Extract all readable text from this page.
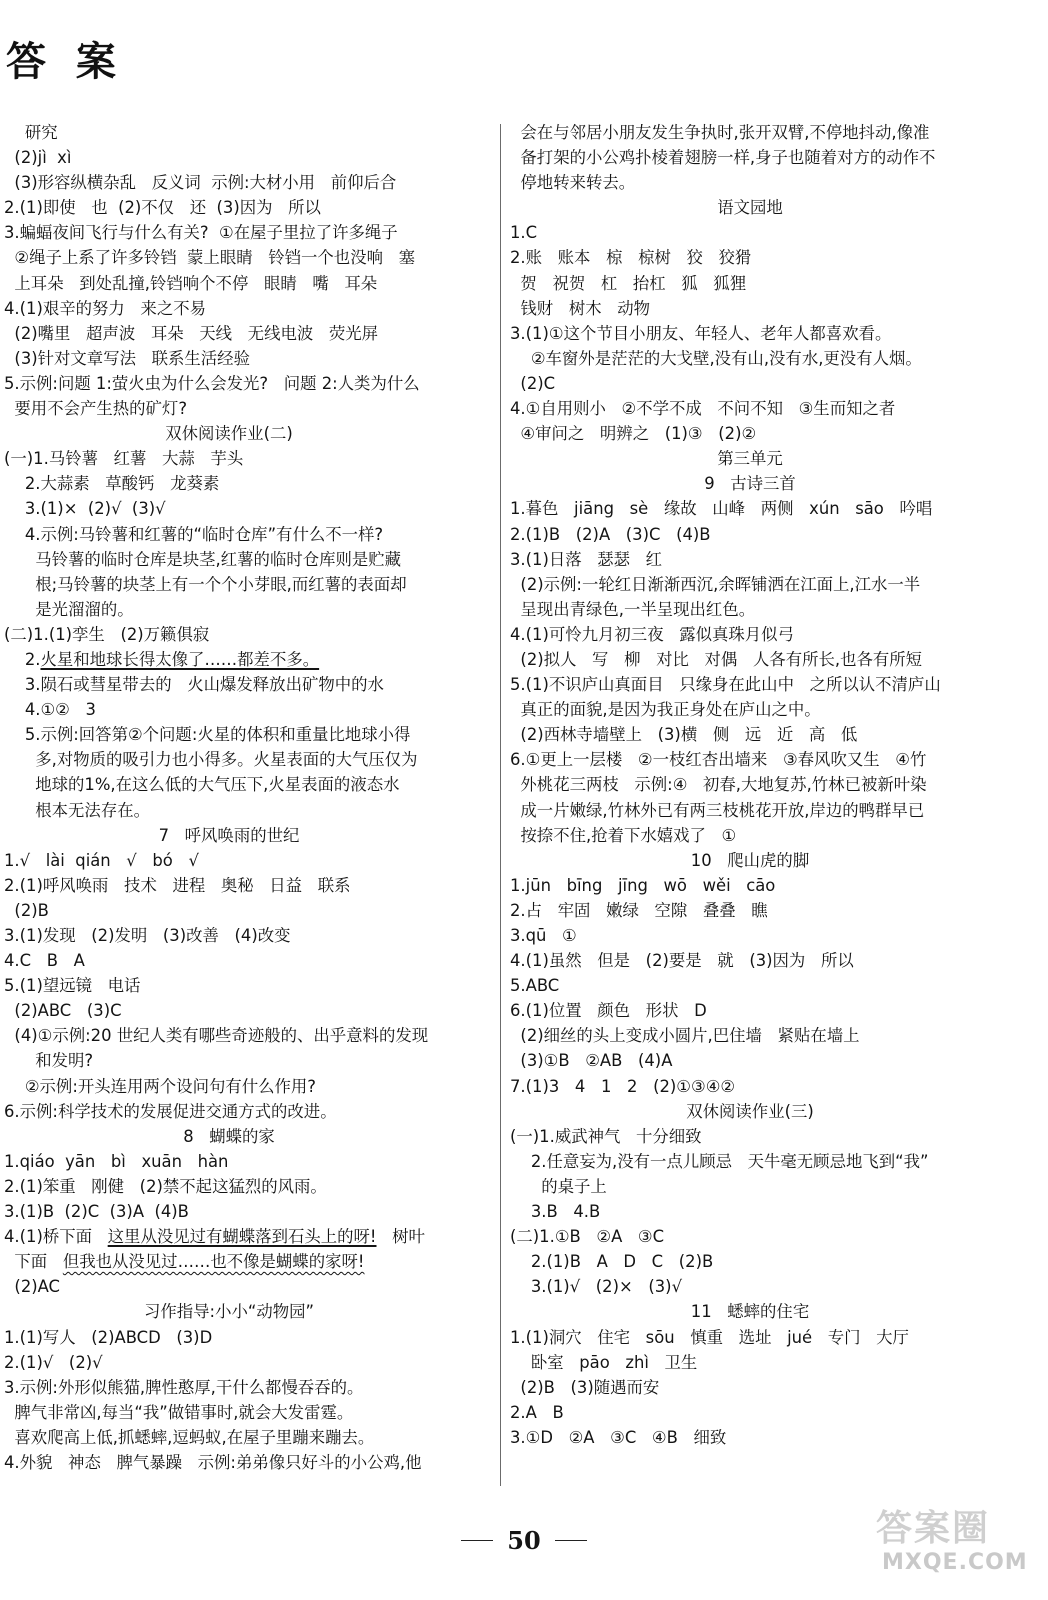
答 案
研究
(2)jì  xì
(3)形容纵横杂乱   反义词  示例:大材小用   前仰后合
2.(1)即使   也  (2)不仅   还  (3)因为   所以
3.蝙蝠夜间飞行与什么有关?  ①在屋子里拉了许多绳子
②绳子上系了许多铃铛  蒙上眼睛   铃铛一个也没响   塞
上耳朵   到处乱撞,铃铛响个不停   眼睛   嘴   耳朵
4.(1)艰辛的努力   来之不易
(2)嘴里   超声波   耳朵   天线   无线电波   荧光屏
(3)针对文章写法   联系生活经验
5.示例:问题 1:萤火虫为什么会发光?   问题 2:人类为什么
要用不会产生热的矿灯?
双休阅读作业(二)
(一)1.马铃薯   红薯   大蒜   芋头
2.大蒜素   草酸钙   龙葵素
3.(1)×  (2)√  (3)√
4.示例:马铃薯和红薯的“临时仓库”有什么不一样?
马铃薯的临时仓库是块茎,红薯的临时仓库则是贮藏
根;马铃薯的块茎上有一个个小芽眼,而红薯的表面却
是光溜溜的。
(二)1.(1)孪生   (2)万籁俱寂
2.火星和地球长得太像了……都差不多。
3.陨石或彗星带去的   火山爆发释放出矿物中的水
4.①②   3
5.示例:回答第②个问题:火星的体积和重量比地球小得
多,对物质的吸引力也小得多。火星表面的大气压仅为
地球的1%,在这么低的大气压下,火星表面的液态水
根本无法存在。
7   呼风唤雨的世纪
1.√   lài  qián   √   bó   √
2.(1)呼风唤雨   技术   进程   奥秘   日益   联系
(2)B
3.(1)发现   (2)发明   (3)改善   (4)改变
4.C   B   A
5.(1)望远镜   电话
(2)ABC   (3)C
(4)①示例:20 世纪人类有哪些奇迹般的、出乎意料的发现
和发明?
②示例:开头连用两个设问句有什么作用?
6.示例:科学技术的发展促进交通方式的改进。
8   蝴蝶的家
1.qiáo  yān   bì   xuān   hàn
2.(1)笨重   刚健   (2)禁不起这猛烈的风雨。
3.(1)B  (2)C  (3)A  (4)B
4.(1)桥下面   这里从没见过有蝴蝶落到石头上的呀!   树叶
下面   但我也从没见过……也不像是蝴蝶的家呀!
(2)AC
习作指导:小小“动物园”
1.(1)写人   (2)ABCD   (3)D
2.(1)√   (2)√
3.示例:外形似熊猫,脾性憨厚,干什么都慢吞吞的。
脾气非常凶,每当“我”做错事时,就会大发雷霆。
喜欢爬高上低,抓蟋蟀,逗蚂蚁,在屋子里蹦来蹦去。
4.外貌   神态   脾气暴躁   示例:弟弟像只好斗的小公鸡,他
会在与邻居小朋友发生争执时,张开双臂,不停地抖动,像准
备打架的小公鸡扑棱着翅膀一样,身子也随着对方的动作不
停地转来转去。
语文园地
1.C
2.账   账本   椋   椋树   狡   狡猾
贺   祝贺   杠   抬杠   狐   狐狸
钱财   树木   动物
3.(1)①这个节目小朋友、年轻人、老年人都喜欢看。
②车窗外是茫茫的大戈壁,没有山,没有水,更没有人烟。
(2)C
4.①自用则小   ②不学不成   不问不知   ③生而知之者
④审问之   明辨之   (1)③   (2)②
第三单元
9   古诗三首
1.暮色   jiāng   sè   缘故   山峰   两侧   xún   sāo   吟唱
2.(1)B   (2)A   (3)C   (4)B
3.(1)日落   瑟瑟   红
(2)示例:一轮红日渐渐西沉,余晖铺洒在江面上,江水一半
呈现出青绿色,一半呈现出红色。
4.(1)可怜九月初三夜   露似真珠月似弓
(2)拟人   写   柳   对比   对偶   人各有所长,也各有所短
5.(1)不识庐山真面目   只缘身在此山中   之所以认不清庐山
真正的面貌,是因为我正身处在庐山之中。
(2)西林寺墙壁上   (3)横   侧   远   近   高   低
6.①更上一层楼   ②一枝红杏出墙来   ③春风吹又生   ④竹
外桃花三两枝   示例:④   初春,大地复苏,竹林已被新叶染
成一片嫩绿,竹林外已有两三枝桃花开放,岸边的鸭群早已
按捺不住,抢着下水嬉戏了   ①
10   爬山虎的脚
1.jūn   bīng   jīng   wō   wěi   cāo
2.占   牢固   嫩绿   空隙   叠叠   瞧
3.qū   ①
4.(1)虽然   但是   (2)要是   就   (3)因为   所以
5.ABC
6.(1)位置   颜色   形状   D
(2)细丝的头上变成小圆片,巴住墙   紧贴在墙上
(3)①B   ②AB   (4)A
7.(1)3   4   1   2   (2)①③④②
双休阅读作业(三)
(一)1.威武神气   十分细致
2.任意妄为,没有一点儿顾忌   天牛毫无顾忌地飞到“我”
的桌子上
3.B   4.B
(二)1.①B   ②A   ③C
2.(1)B   A   D   C   (2)B
3.(1)√   (2)×   (3)√
11   蟋蟀的住宅
1.(1)洞穴   住宅   sōu   慎重   选址   jué   专门   大厅
卧室   pāo   zhì   卫生
(2)B   (3)随遇而安
2.A   B
3.①D   ②A   ③C   ④B   细致
50	答案圈
MXQE.COM
